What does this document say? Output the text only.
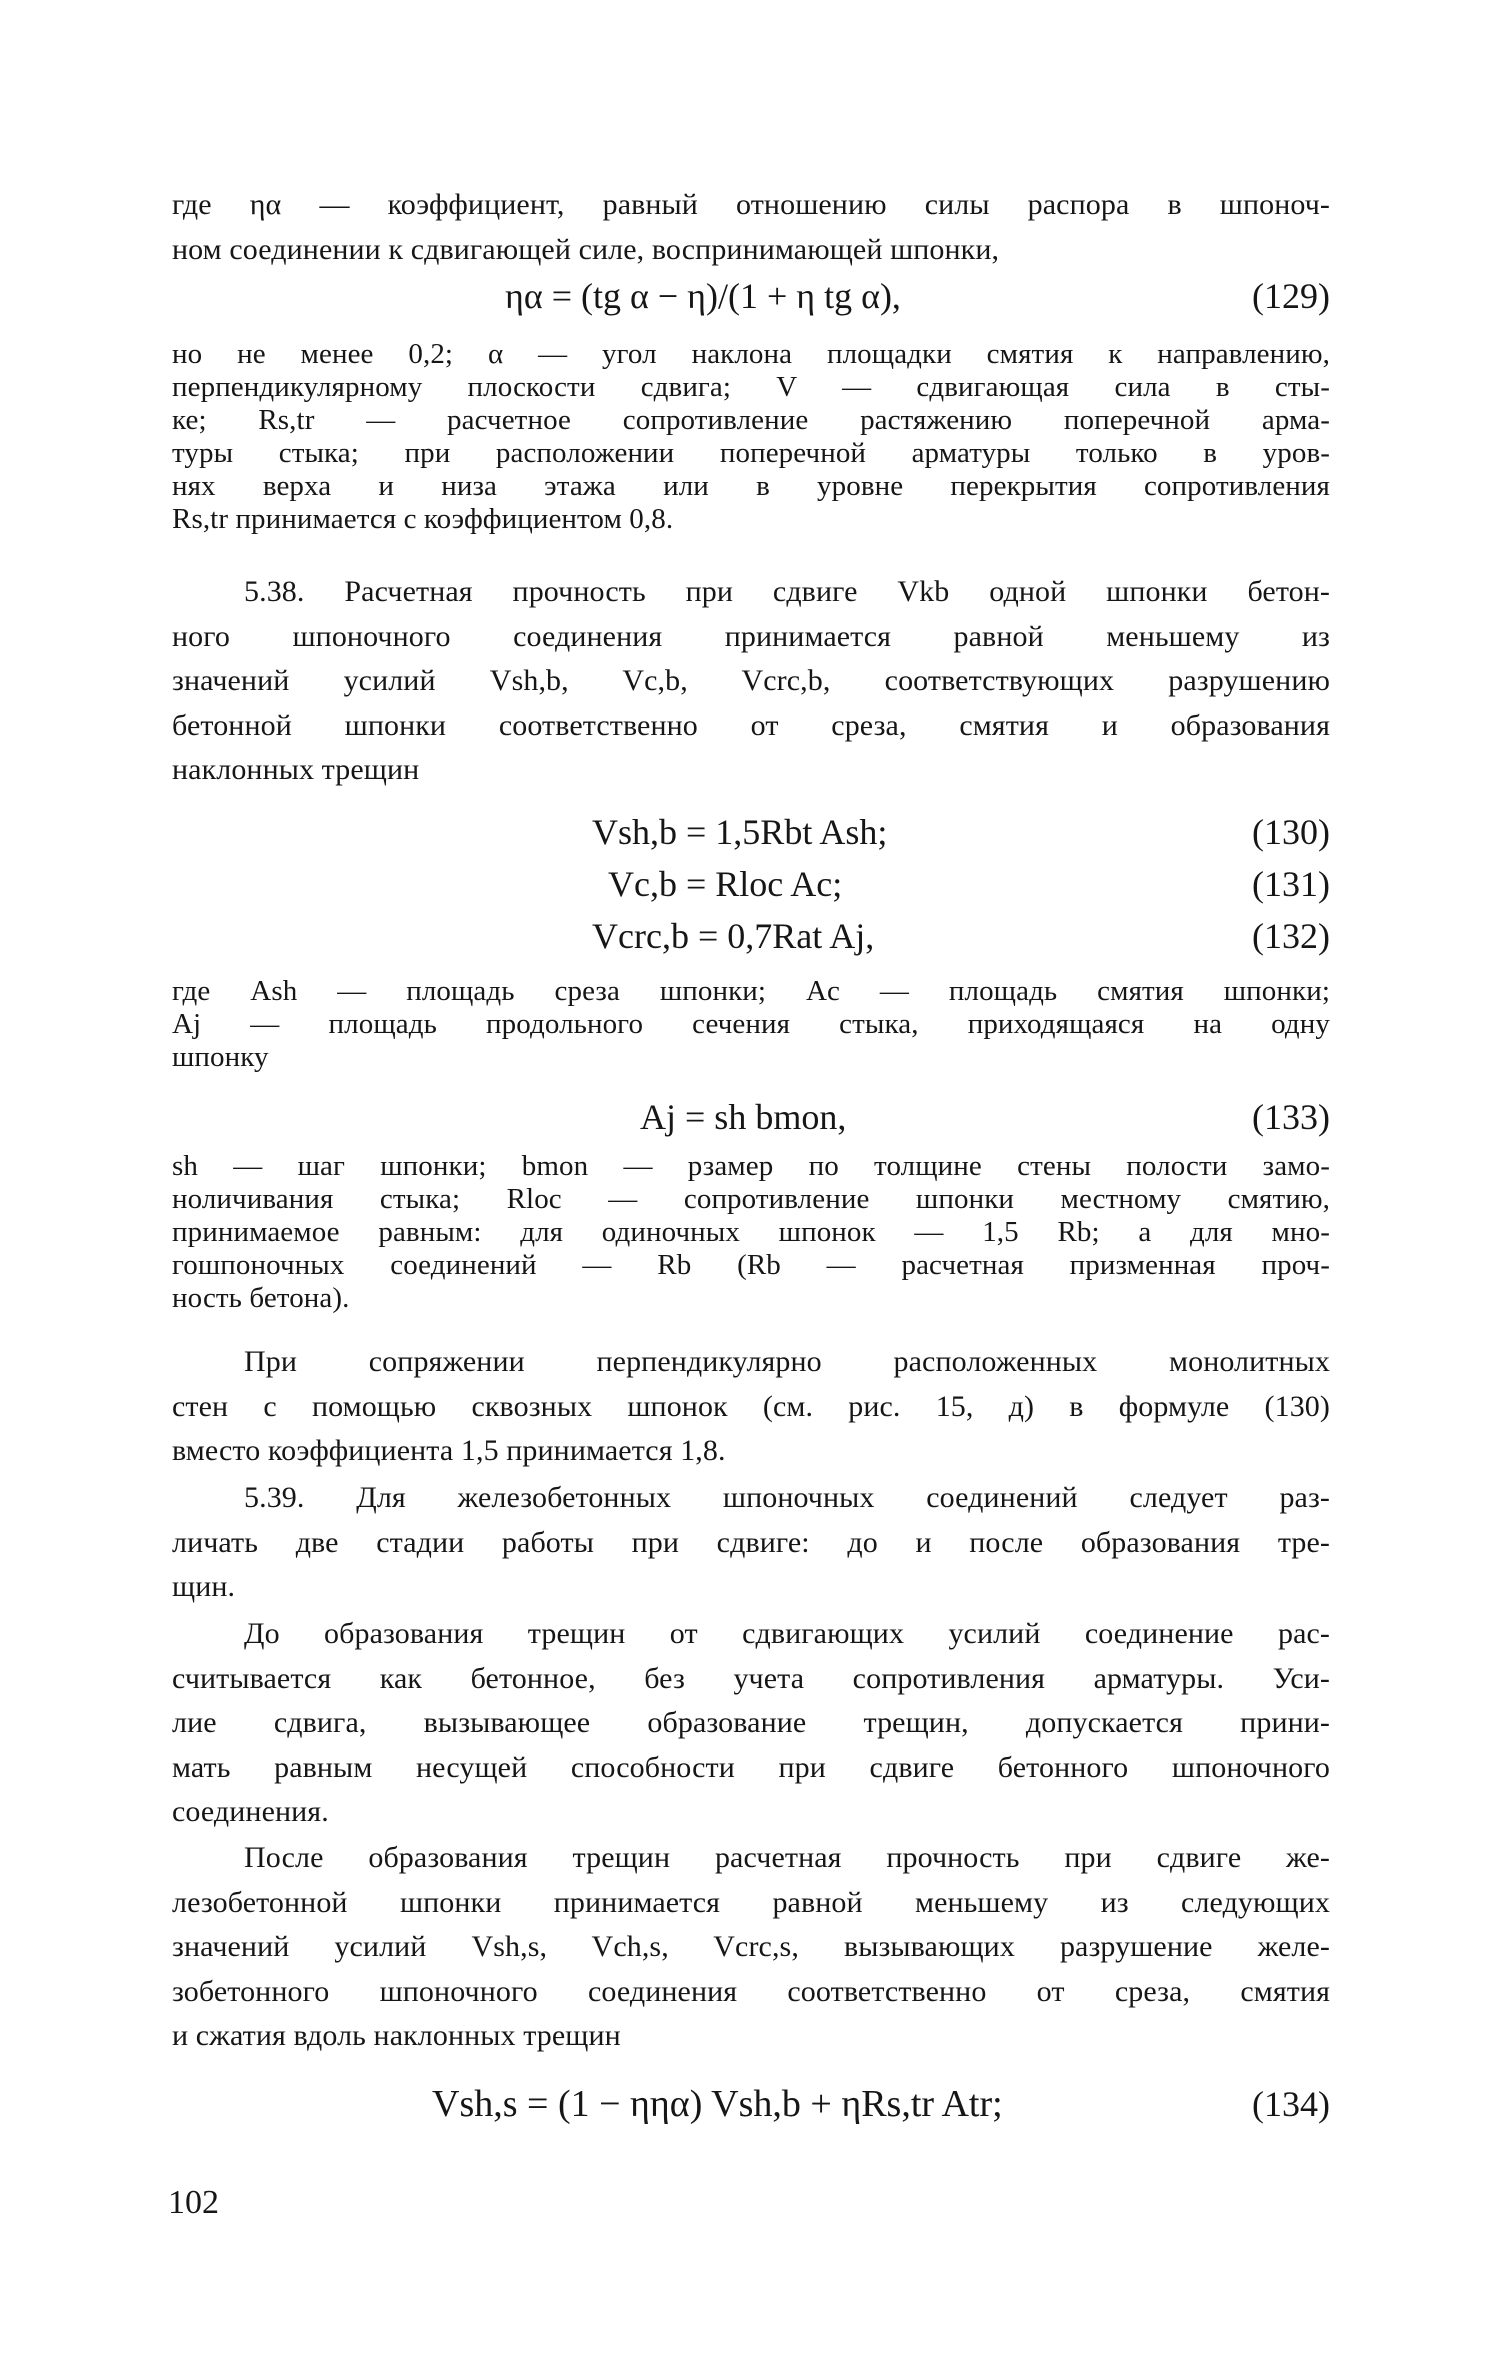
где ηα — коэффициент, равный отношению силы распора в шпоноч-
ном соединении к сдвигающей силе, воспринимающей шпонки,
ηα = (tg α − η)/(1 + η tg α),	(129)
но не менее 0,2; α — угол наклона площадки смятия к направлению,
перпендикулярному плоскости сдвига; V — сдвигающая сила в сты-
ке; Rs,tr — расчетное сопротивление растяжению поперечной арма-
туры стыка; при расположении поперечной арматуры только в уров-
нях верха и низа этажа или в уровне перекрытия сопротивления
Rs,tr принимается с коэффициентом 0,8.
5.38. Расчетная прочность при сдвиге Vkb одной шпонки бетон-
ного шпоночного соединения принимается равной меньшему из
значений усилий Vsh,b, Vc,b, Vcrc,b, соответствующих разрушению
бетонной шпонки соответственно от среза, смятия и образования
наклонных трещин
Vsh,b = 1,5Rbt Ash;	(130)
Vc,b = Rloc Ac;	(131)
Vcrc,b = 0,7Rat Aj,	(132)
где Ash — площадь среза шпонки; Ac — площадь смятия шпонки;
Aj — площадь продольного сечения стыка, приходящаяся на одну
шпонку
Aj = sh bmon,	(133)
sh — шаг шпонки; bmon — рзамер по толщине стены полости замо-
ноличивания стыка; Rloc — сопротивление шпонки местному смятию,
принимаемое равным: для одиночных шпонок — 1,5 Rb; а для мно-
гошпоночных соединений — Rb (Rb — расчетная призменная проч-
ность бетона).
При сопряжении перпендикулярно расположенных монолитных
стен с помощью сквозных шпонок (см. рис. 15, д) в формуле (130)
вместо коэффициента 1,5 принимается 1,8.
5.39. Для железобетонных шпоночных соединений следует раз-
личать две стадии работы при сдвиге: до и после образования тре-
щин.
До образования трещин от сдвигающих усилий соединение рас-
считывается как бетонное, без учета сопротивления арматуры. Уси-
лие сдвига, вызывающее образование трещин, допускается прини-
мать равным несущей способности при сдвиге бетонного шпоночного
соединения.
После образования трещин расчетная прочность при сдвиге же-
лезобетонной шпонки принимается равной меньшему из следующих
значений усилий Vsh,s, Vch,s, Vcrc,s, вызывающих разрушение желе-
зобетонного шпоночного соединения соответственно от среза, смятия
и сжатия вдоль наклонных трещин
Vsh,s = (1 − ηηα) Vsh,b + ηRs,tr Atr;	(134)
102
